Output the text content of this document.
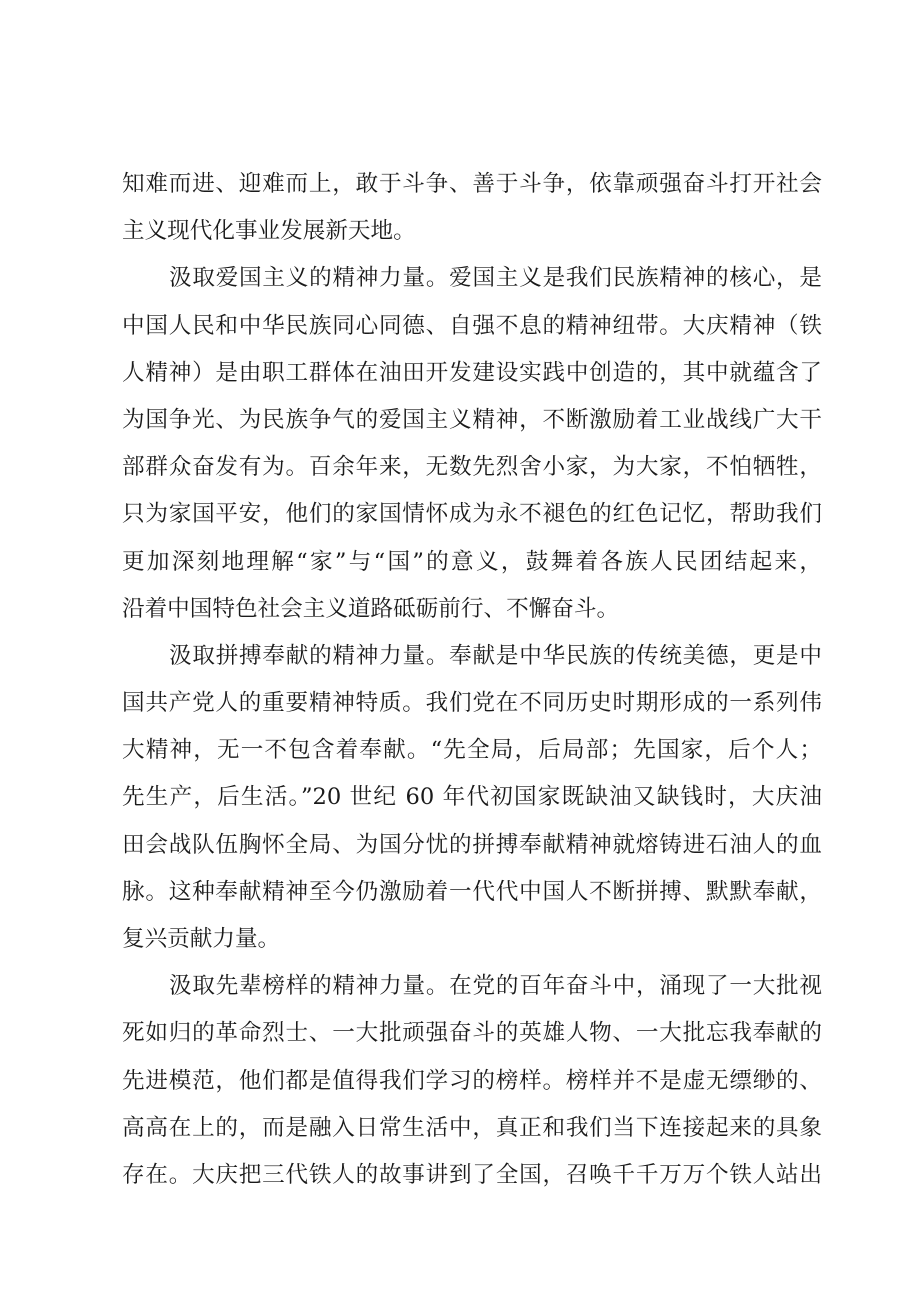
知难而进、迎难而上，敢于斗争、善于斗争，依靠顽强奋斗打开社会
主义现代化事业发展新天地。
汲取爱国主义的精神力量。爱国主义是我们民族精神的核心，是
中国人民和中华民族同心同德、自强不息的精神纽带。大庆精神（铁
人精神）是由职工群体在油田开发建设实践中创造的，其中就蕴含了
为国争光、为民族争气的爱国主义精神，不断激励着工业战线广大干
部群众奋发有为。百余年来，无数先烈舍小家，为大家，不怕牺牲，
只为家国平安，他们的家国情怀成为永不褪色的红色记忆，帮助我们
更加深刻地理解“家”与“国”的意义，鼓舞着各族人民团结起来，
沿着中国特色社会主义道路砥砺前行、不懈奋斗。
汲取拼搏奉献的精神力量。奉献是中华民族的传统美德，更是中
国共产党人的重要精神特质。我们党在不同历史时期形成的一系列伟
大精神，无一不包含着奉献。“先全局，后局部；先国家，后个人；
先生产，后生活。”20 世纪 60 年代初国家既缺油又缺钱时，大庆油
田会战队伍胸怀全局、为国分忧的拼搏奉献精神就熔铸进石油人的血
脉。这种奉献精神至今仍激励着一代代中国人不断拼搏、默默奉献，
复兴贡献力量。
汲取先辈榜样的精神力量。在党的百年奋斗中，涌现了一大批视
死如归的革命烈士、一大批顽强奋斗的英雄人物、一大批忘我奉献的
先进模范，他们都是值得我们学习的榜样。榜样并不是虚无缥缈的、
高高在上的，而是融入日常生活中，真正和我们当下连接起来的具象
存在。大庆把三代铁人的故事讲到了全国，召唤千千万万个铁人站出
